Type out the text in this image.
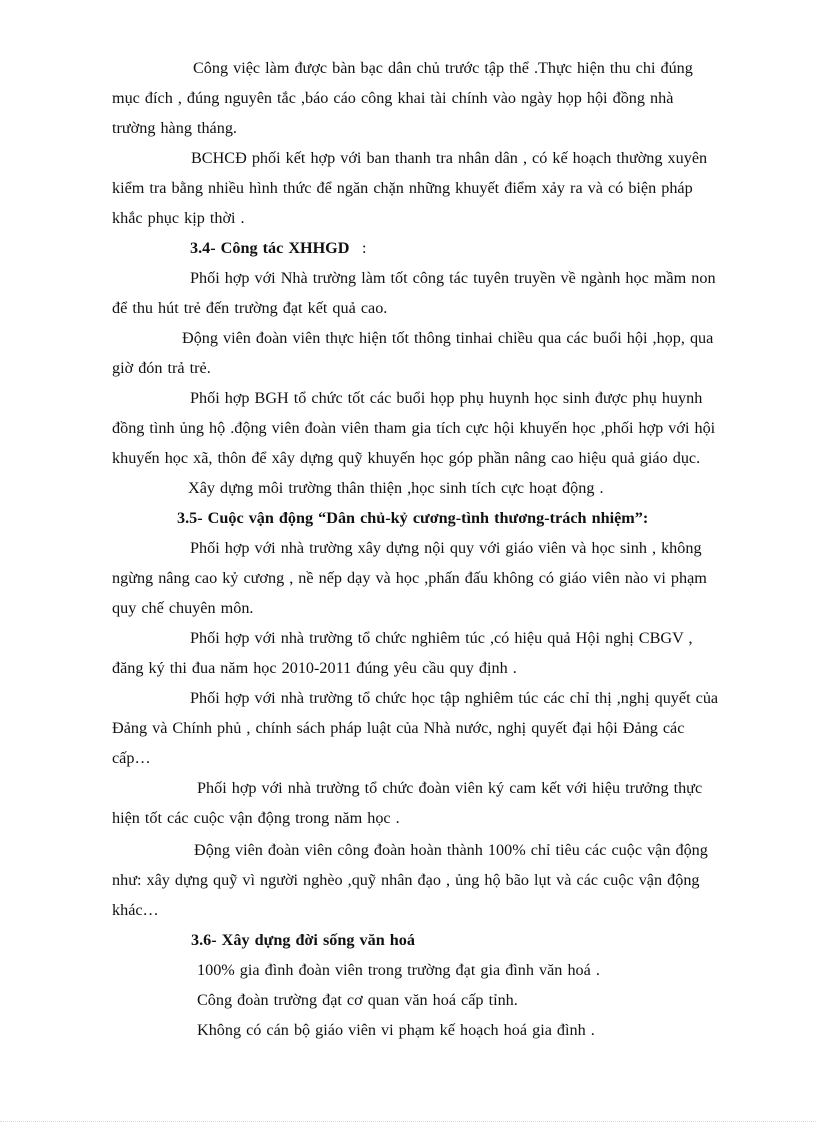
Công việc làm được bàn bạc dân chủ trước tập thể .Thực hiện thu chi đúng
mục đích , đúng nguyên tắc ,báo cáo công khai tài chính vào ngày họp hội đồng nhà
trường hàng tháng.
BCHCĐ phối kết hợp với ban thanh tra nhân dân , có kế hoạch thường xuyên
kiểm tra bằng nhiều hình thức để ngăn chặn những khuyết điểm xảy ra và có biện pháp
khắc phục kịp thời .
3.4- Công tác XHHGD :
Phối hợp với Nhà trường làm tốt công tác tuyên truyền về ngành học mầm non
để thu hút trẻ đến trường đạt kết quả cao.
Động viên đoàn viên thực hiện tốt thông tinhai chiều qua các buổi hội ,họp, qua
giờ đón trả trẻ.
Phối hợp BGH tổ chức tốt các buổi họp phụ huynh học sinh được phụ huynh
đồng tình ủng hộ .động viên đoàn viên tham gia tích cực hội khuyến học ,phối hợp với hội
khuyến học xã, thôn để xây dựng quỹ khuyến học góp phần nâng cao hiệu quả giáo dục.
Xây dựng môi trường thân thiện ,học sinh tích cực hoạt động .
3.5- Cuộc vận động “Dân chủ-kỷ cương-tình thương-trách nhiệm”:
Phối hợp với nhà trường xây dựng nội quy với giáo viên và học sinh , không
ngừng nâng cao kỷ cương , nề nếp dạy và học ,phấn đấu không có giáo viên nào vi phạm
quy chế chuyên môn.
Phối hợp với nhà trường tổ chức nghiêm túc ,có hiệu quả Hội nghị CBGV ,
đăng ký thi đua năm học 2010-2011 đúng yêu cầu quy định .
Phối hợp với nhà trường tổ chức học tập nghiêm túc các chỉ thị ,nghị quyết của
Đảng và Chính phủ , chính sách pháp luật của Nhà nước, nghị quyết đại hội Đảng các
cấp…
Phối hợp với nhà trường tổ chức đoàn viên ký cam kết với hiệu trưởng thực
hiện tốt các cuộc vận động trong năm học .
Động viên đoàn viên công đoàn hoàn thành 100% chỉ tiêu các cuộc vận động
như: xây dựng quỹ vì người nghèo ,quỹ nhân đạo , ủng hộ bão lụt và các cuộc vận động
khác…
3.6- Xây dựng đời sống văn hoá
100% gia đình đoàn viên trong trường đạt gia đình văn hoá .
Công đoàn trường đạt cơ quan văn hoá cấp tỉnh.
Không có cán bộ giáo viên vi phạm kế hoạch hoá gia đình .
